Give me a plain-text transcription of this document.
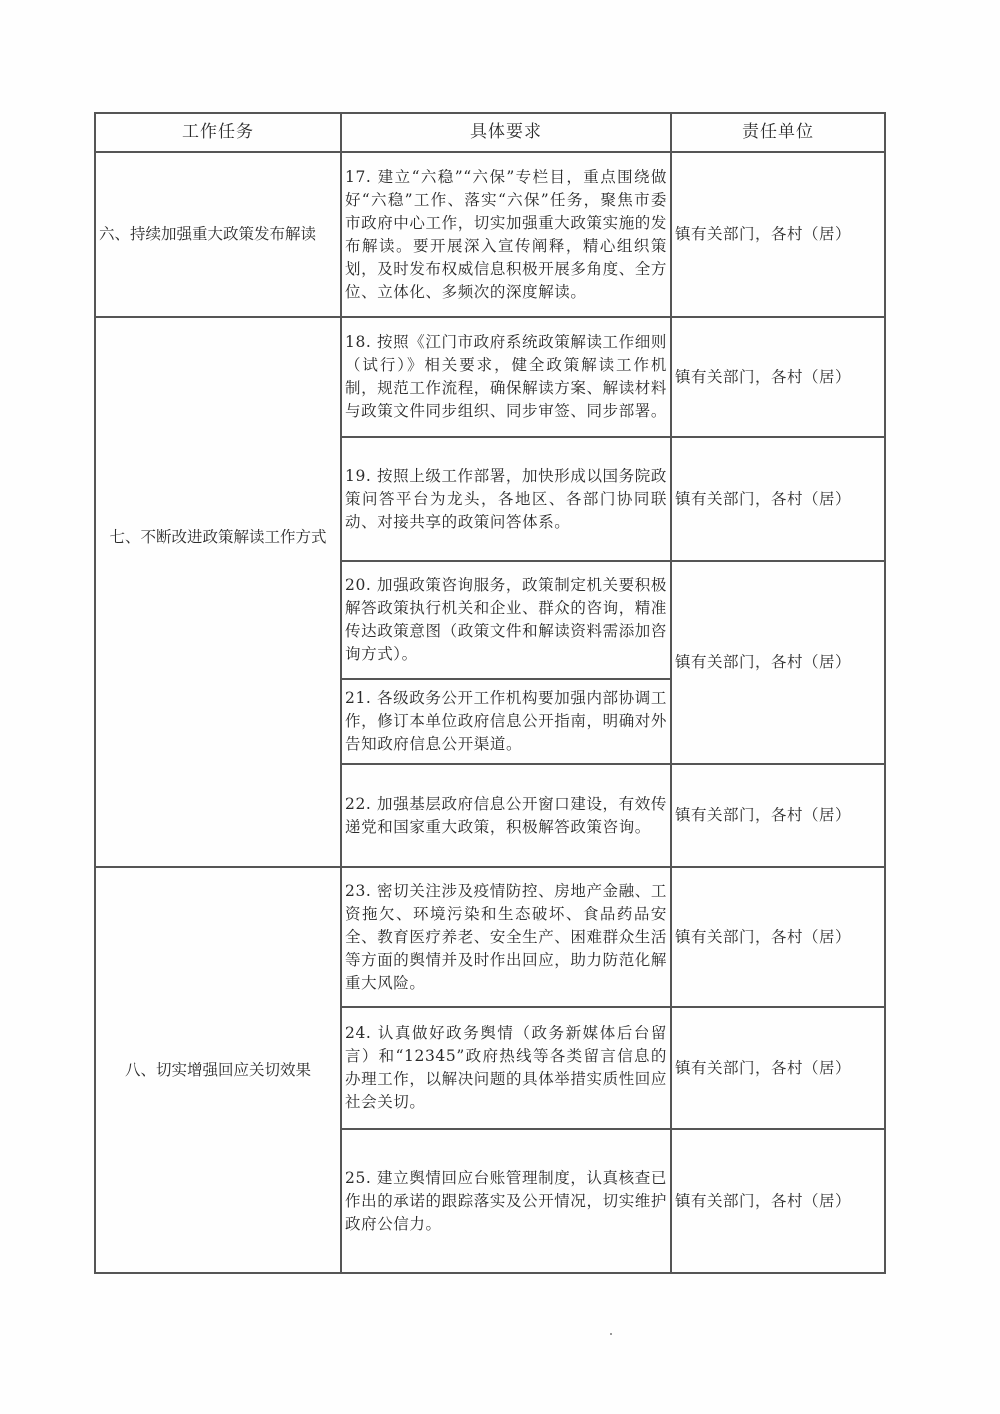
工作任务	具体要求	责任单位
六、持续加强重大政策发布解读	17. 建立“六稳”“六保”专栏目，重点围绕做好“六稳”工作、落实“六保”任务，聚焦市委市政府中心工作，切实加强重大政策实施的发布解读。要开展深入宣传阐释，精心组织策划，及时发布权威信息积极开展多角度、全方位、立体化、多频次的深度解读。	镇有关部门，各村（居）
七、不断改进政策解读工作方式	18. 按照《江门市政府系统政策解读工作细则（试行）》相关要求，健全政策解读工作机制，规范工作流程，确保解读方案、解读材料与政策文件同步组织、同步审签、同步部署。	镇有关部门，各村（居）
	19. 按照上级工作部署，加快形成以国务院政策问答平台为龙头，各地区、各部门协同联动、对接共享的政策问答体系。	镇有关部门，各村（居）
	20. 加强政策咨询服务，政策制定机关要积极解答政策执行机关和企业、群众的咨询，精准传达政策意图（政策文件和解读资料需添加咨询方式）。	镇有关部门，各村（居）
	21. 各级政务公开工作机构要加强内部协调工作，修订本单位政府信息公开指南，明确对外告知政府信息公开渠道。	
	22. 加强基层政府信息公开窗口建设，有效传递党和国家重大政策，积极解答政策咨询。	镇有关部门，各村（居）
八、切实增强回应关切效果	23. 密切关注涉及疫情防控、房地产金融、工资拖欠、环境污染和生态破坏、食品药品安全、教育医疗养老、安全生产、困难群众生活等方面的舆情并及时作出回应，助力防范化解重大风险。	镇有关部门，各村（居）
	24. 认真做好政务舆情（政务新媒体后台留言）和“12345”政府热线等各类留言信息的办理工作，以解决问题的具体举措实质性回应社会关切。	镇有关部门，各村（居）
	25. 建立舆情回应台账管理制度，认真核查已作出的承诺的跟踪落实及公开情况，切实维护政府公信力。	镇有关部门，各村（居）
